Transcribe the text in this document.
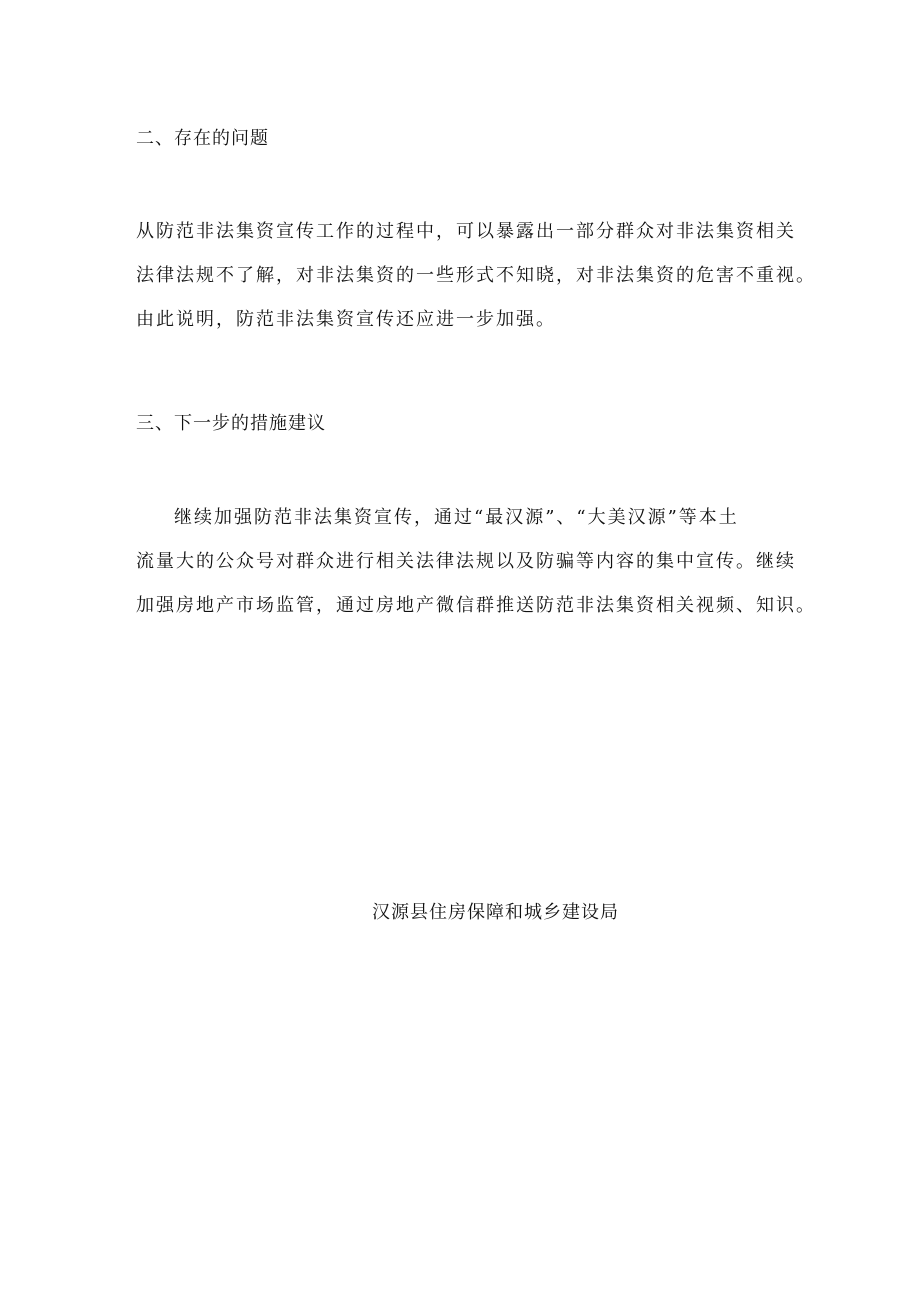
二、存在的问题
从防范非法集资宣传工作的过程中，可以暴露出一部分群众对非法集资相关
法律法规不了解，对非法集资的一些形式不知晓，对非法集资的危害不重视。
由此说明，防范非法集资宣传还应进一步加强。
三、下一步的措施建议
继续加强防范非法集资宣传，通过“最汉源”、“大美汉源”等本土
流量大的公众号对群众进行相关法律法规以及防骗等内容的集中宣传。继续
加强房地产市场监管，通过房地产微信群推送防范非法集资相关视频、知识。
汉源县住房保障和城乡建设局
